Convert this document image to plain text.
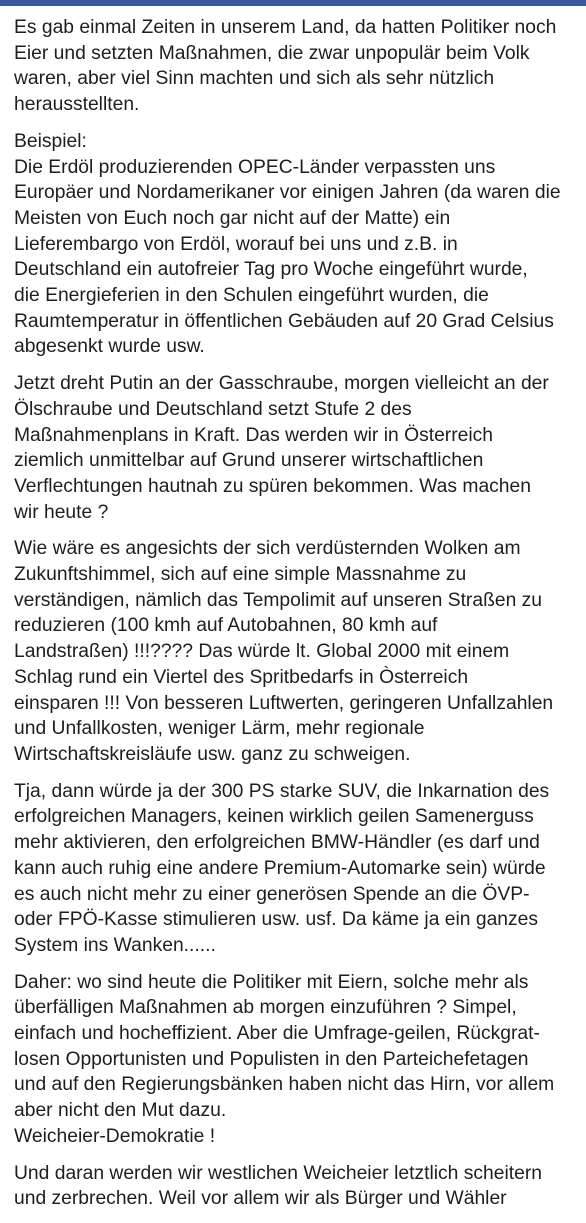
Es gab einmal Zeiten in unserem Land, da hatten Politiker noch
Eier und setzten Maßnahmen, die zwar unpopulär beim Volk
waren, aber viel Sinn machten und sich als sehr nützlich
herausstellten.

Beispiel:
Die Erdöl produzierenden OPEC-Länder verpassten uns
Europäer und Nordamerikaner vor einigen Jahren (da waren die
Meisten von Euch noch gar nicht auf der Matte) ein
Lieferembargo von Erdöl, worauf bei uns und z.B. in
Deutschland ein autofreier Tag pro Woche eingeführt wurde,
die Energieferien in den Schulen eingeführt wurden, die
Raumtemperatur in öffentlichen Gebäuden auf 20 Grad Celsius
abgesenkt wurde usw.

Jetzt dreht Putin an der Gasschraube, morgen vielleicht an der
Ölschraube und Deutschland setzt Stufe 2 des
Maßnahmenplans in Kraft. Das werden wir in Österreich
ziemlich unmittelbar auf Grund unserer wirtschaftlichen
Verflechtungen hautnah zu spüren bekommen. Was machen
wir heute ?

Wie wäre es angesichts der sich verdüsternden Wolken am
Zukunftshimmel, sich auf eine simple Massnahme zu
verständigen, nämlich das Tempolimit auf unseren Straßen zu
reduzieren (100 kmh auf Autobahnen, 80 kmh auf
Landstraßen) !!!???? Das würde lt. Global 2000 mit einem
Schlag rund ein Viertel des Spritbedarfs in Òsterreich
einsparen !!! Von besseren Luftwerten, geringeren Unfallzahlen
und Unfallkosten, weniger Lärm, mehr regionale
Wirtschaftskreisläufe usw. ganz zu schweigen.

Tja, dann würde ja der 300 PS starke SUV, die Inkarnation des
erfolgreichen Managers, keinen wirklich geilen Samenerguss
mehr aktivieren, den erfolgreichen BMW-Händler (es darf und
kann auch ruhig eine andere Premium-Automarke sein) würde
es auch nicht mehr zu einer generösen Spende an die ÖVP-
oder FPÖ-Kasse stimulieren usw. usf. Da käme ja ein ganzes
System ins Wanken......

Daher: wo sind heute die Politiker mit Eiern, solche mehr als
überfälligen Maßnahmen ab morgen einzuführen ? Simpel,
einfach und hocheffizient. Aber die Umfrage-geilen, Rückgrat-
losen Opportunisten und Populisten in den Parteichefetagen
und auf den Regierungsbänken haben nicht das Hirn, vor allem
aber nicht den Mut dazu.
Weicheier-Demokratie !

Und daran werden wir westlichen Weicheier letztlich scheitern
und zerbrechen. Weil vor allem wir als Bürger und Wähler
